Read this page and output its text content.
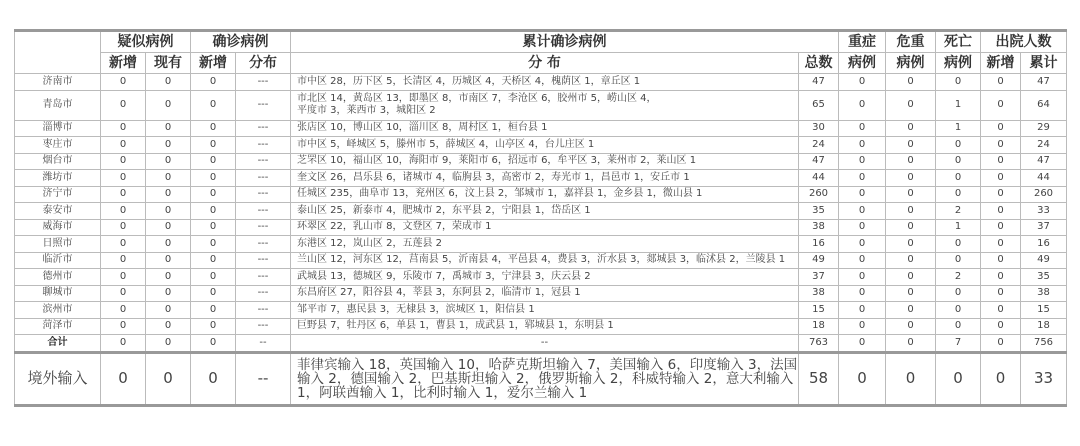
	疑似病例		确诊病例		累计确诊病例		重症	危重	死亡	出院人数	
	新增	现有	新增	分布	分 布	总数	病例	病例	病例	新增	累计
济南市	0	0	0	---	市中区 28，历下区 5，长清区 4，历城区 4，天桥区 4，槐荫区 1，章丘区 1	47	0	0	0	0	47
青岛市	0	0	0	---	市北区 14，黄岛区 13，即墨区 8，市南区 7，李沧区 6，胶州市 5，崂山区 4，
平度市 3，莱西市 3，城阳区 2	65	0	0	1	0	64
淄博市	0	0	0	---	张店区 10，博山区 10，淄川区 8，周村区 1，桓台县 1	30	0	0	1	0	29
枣庄市	0	0	0	---	市中区 5，峄城区 5，滕州市 5，薛城区 4，山亭区 4，台儿庄区 1	24	0	0	0	0	24
烟台市	0	0	0	---	芝罘区 10，福山区 10，海阳市 9，莱阳市 6，招远市 6，牟平区 3，莱州市 2，莱山区 1	47	0	0	0	0	47
潍坊市	0	0	0	---	奎文区 26，昌乐县 6，诸城市 4，临朐县 3，高密市 2，寿光市 1，昌邑市 1，安丘市 1	44	0	0	0	0	44
济宁市	0	0	0	---	任城区 235，曲阜市 13，兖州区 6，汶上县 2，邹城市 1，嘉祥县 1，金乡县 1，微山县 1	260	0	0	0	0	260
泰安市	0	0	0	---	泰山区 25，新泰市 4，肥城市 2，东平县 2，宁阳县 1，岱岳区 1	35	0	0	2	0	33
威海市	0	0	0	---	环翠区 22，乳山市 8，文登区 7，荣成市 1	38	0	0	1	0	37
日照市	0	0	0	---	东港区 12，岚山区 2，五莲县 2	16	0	0	0	0	16
临沂市	0	0	0	---	兰山区 12，河东区 12，莒南县 5，沂南县 4，平邑县 4，费县 3，沂水县 3，郯城县 3，临沭县 2，兰陵县 1	49	0	0	0	0	49
德州市	0	0	0	---	武城县 13，德城区 9，乐陵市 7，禹城市 3，宁津县 3，庆云县 2	37	0	0	2	0	35
聊城市	0	0	0	---	东昌府区 27，阳谷县 4，莘县 3，东阿县 2，临清市 1，冠县 1	38	0	0	0	0	38
滨州市	0	0	0	---	邹平市 7，惠民县 3，无棣县 3，滨城区 1，阳信县 1	15	0	0	0	0	15
菏泽市	0	0	0	---	巨野县 7，牡丹区 6，单县 1，曹县 1，成武县 1，郓城县 1，东明县 1	18	0	0	0	0	18
合计	0	0	0	--	--	763	0	0	7	0	756
境外输入	0	0	0	--	菲律宾输入 18，英国输入 10，哈萨克斯坦输入 7，美国输入 6，印度输入 3，法国输入 2，德国输入 2，巴基斯坦输入 2，俄罗斯输入 2，科威特输入 2，意大利输入 1，阿联酋输入 1，比利时输入 1，爱尔兰输入 1	58	0	0	0	0	33
